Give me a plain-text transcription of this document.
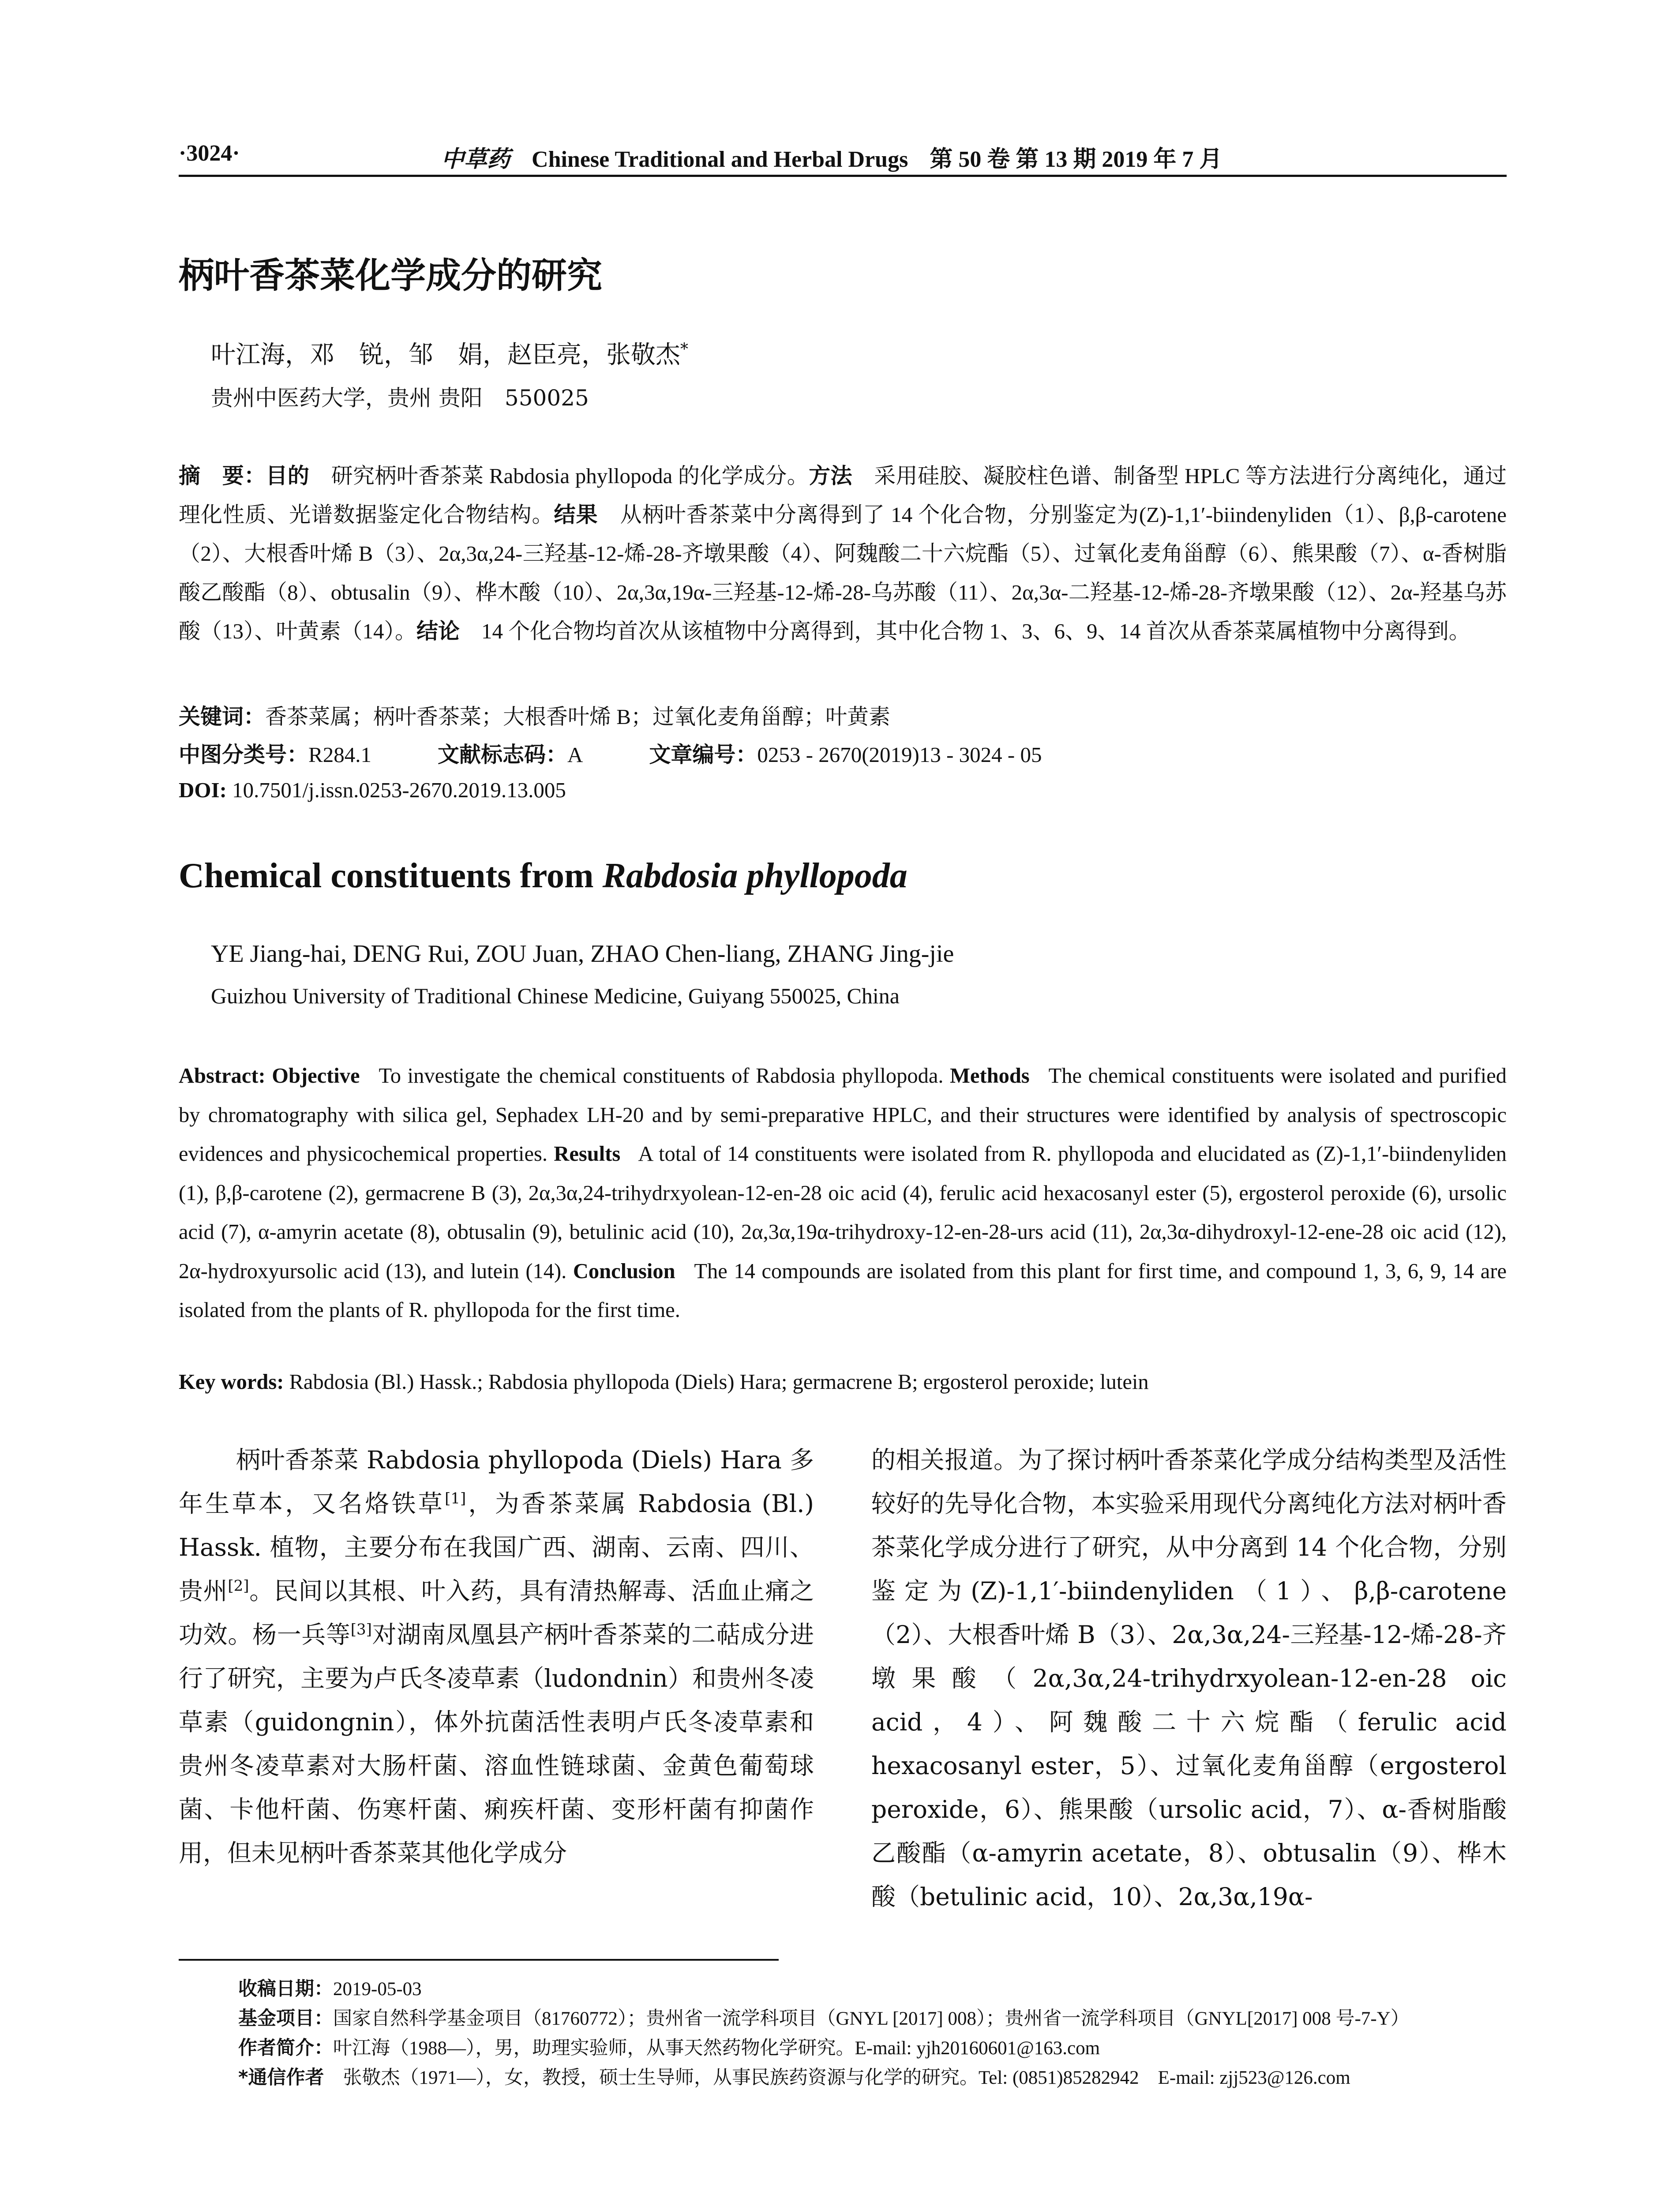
·3024·	中草药 Chinese Traditional and Herbal Drugs 第 50 卷 第 13 期 2019 年 7 月
柄叶香茶菜化学成分的研究
叶江海，邓　锐，邹　娟，赵臣亮，张敬杰*
贵州中医药大学，贵州 贵阳　550025
摘　要：目的　 研究柄叶香茶菜 Rabdosia phyllopoda 的化学成分。方法　 采用硅胶、凝胶柱色谱、制备型 HPLC 等方法进行分离纯化，通过理化性质、光谱数据鉴定化合物结构。结果　 从柄叶香茶菜中分离得到了 14 个化合物，分别鉴定为(Z)-1,1′-biindenyliden（1）、β,β-carotene（2）、大根香叶烯 B（3）、2α,3α,24-三羟基-12-烯-28-齐墩果酸（4）、阿魏酸二十六烷酯（5）、过氧化麦角甾醇（6）、熊果酸（7）、α-香树脂酸乙酸酯（8）、obtusalin（9）、桦木酸（10）、2α,3α,19α-三羟基-12-烯-28-乌苏酸（11）、2α,3α-二羟基-12-烯-28-齐墩果酸（12）、2α-羟基乌苏酸（13）、叶黄素（14）。结论　 14 个化合物均首次从该植物中分离得到，其中化合物 1、3、6、9、14 首次从香茶菜属植物中分离得到。
关键词：香茶菜属；柄叶香茶菜；大根香叶烯 B；过氧化麦角甾醇；叶黄素
中图分类号：R284.1	文献标志码：A	文章编号：0253 - 2670(2019)13 - 3024 - 05
DOI: 10.7501/j.issn.0253-2670.2019.13.005
Chemical constituents from Rabdosia phyllopoda
YE Jiang-hai, DENG Rui, ZOU Juan, ZHAO Chen-liang, ZHANG Jing-jie
Guizhou University of Traditional Chinese Medicine, Guiyang 550025, China
Abstract: Objective To investigate the chemical constituents of Rabdosia phyllopoda. Methods The chemical constituents were isolated and purified by chromatography with silica gel, Sephadex LH-20 and by semi-preparative HPLC, and their structures were identified by analysis of spectroscopic evidences and physicochemical properties. Results A total of 14 constituents were isolated from R. phyllopoda and elucidated as (Z)-1,1′-biindenyliden (1), β,β-carotene (2), germacrene B (3), 2α,3α,24-trihydrxyolean-12-en-28 oic acid (4), ferulic acid hexacosanyl ester (5), ergosterol peroxide (6), ursolic acid (7), α-amyrin acetate (8), obtusalin (9), betulinic acid (10), 2α,3α,19α-trihydroxy-12-en-28-urs acid (11), 2α,3α-dihydroxyl-12-ene-28 oic acid (12), 2α-hydroxyursolic acid (13), and lutein (14). Conclusion The 14 compounds are isolated from this plant for first time, and compound 1, 3, 6, 9, 14 are isolated from the plants of R. phyllopoda for the first time.
Key words: Rabdosia (Bl.) Hassk.; Rabdosia phyllopoda (Diels) Hara; germacrene B; ergosterol peroxide; lutein
柄叶香茶菜 Rabdosia phyllopoda (Diels) Hara 多年生草本，又名烙铁草[1]，为香茶菜属 Rabdosia (Bl.) Hassk. 植物，主要分布在我国广西、湖南、云南、四川、贵州[2]。民间以其根、叶入药，具有清热解毒、活血止痛之功效。杨一兵等[3]对湖南凤凰县产柄叶香茶菜的二萜成分进行了研究，主要为卢氏冬凌草素（ludondnin）和贵州冬凌草素（guidongnin），体外抗菌活性表明卢氏冬凌草素和贵州冬凌草素对大肠杆菌、溶血性链球菌、金黄色葡萄球菌、卡他杆菌、伤寒杆菌、痢疾杆菌、变形杆菌有抑菌作用，但未见柄叶香茶菜其他化学成分
的相关报道。为了探讨柄叶香茶菜化学成分结构类型及活性较好的先导化合物，本实验采用现代分离纯化方法对柄叶香茶菜化学成分进行了研究，从中分离到 14 个化合物，分别鉴定为(Z)-1,1′-biindenyliden（1）、β,β-carotene（2）、大根香叶烯 B（3）、2α,3α,24-三羟基-12-烯-28-齐墩果酸（2α,3α,24-trihydrxyolean-12-en-28 oic acid，4）、阿魏酸二十六烷酯（ferulic acid hexacosanyl ester，5）、过氧化麦角甾醇（ergosterol peroxide，6）、熊果酸（ursolic acid，7）、α-香树脂酸乙酸酯（α-amyrin acetate，8）、obtusalin（9）、桦木酸（betulinic acid，10）、2α,3α,19α-
收稿日期：2019-05-03
基金项目：国家自然科学基金项目（81760772）；贵州省一流学科项目（GNYL [2017] 008）；贵州省一流学科项目（GNYL[2017] 008 号-7-Y）
作者简介：叶江海（1988—），男，助理实验师，从事天然药物化学研究。E-mail: yjh20160601@163.com
*通信作者　 张敬杰（1971—），女，教授，硕士生导师，从事民族药资源与化学的研究。Tel: (0851)85282942　E-mail: zjj523@126.com
